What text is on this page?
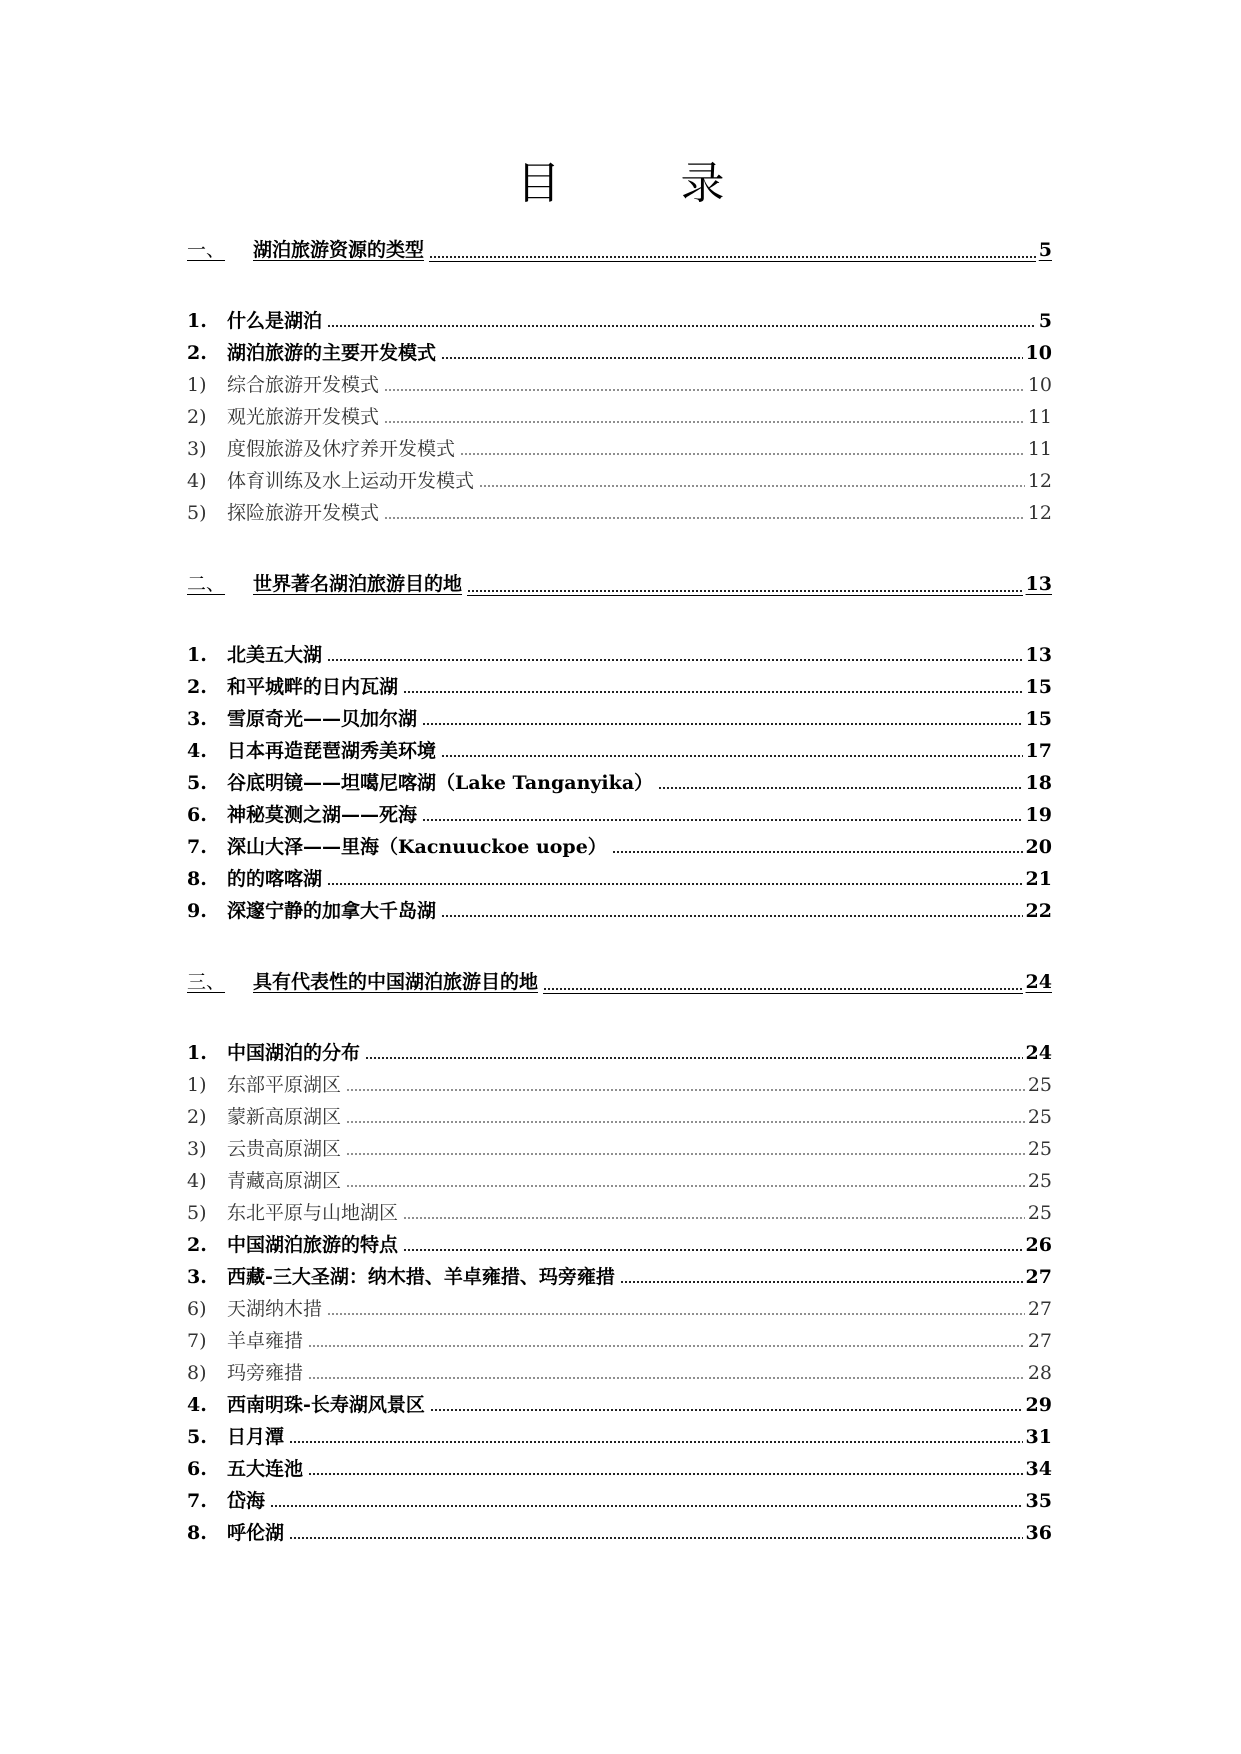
目　录
一、	湖泊旅游资源的类型	5
1.	什么是湖泊	5
2.	湖泊旅游的主要开发模式	10
1)	综合旅游开发模式	10
2)	观光旅游开发模式	11
3)	度假旅游及休疗养开发模式	11
4)	体育训练及水上运动开发模式	12
5)	探险旅游开发模式	12
二、	世界著名湖泊旅游目的地	13
1.	北美五大湖	13
2.	和平城畔的日内瓦湖	15
3.	雪原奇光——贝加尔湖	15
4.	日本再造琵琶湖秀美环境	17
5.	谷底明镜——坦噶尼喀湖（Lake Tanganyika）	18
6.	神秘莫测之湖——死海	19
7.	深山大泽——里海（Kacnuuckoe uope）	20
8.	的的喀喀湖	21
9.	深邃宁静的加拿大千岛湖	22
三、	具有代表性的中国湖泊旅游目的地	24
1.	中国湖泊的分布	24
1)	东部平原湖区	25
2)	蒙新高原湖区	25
3)	云贵高原湖区	25
4)	青藏高原湖区	25
5)	东北平原与山地湖区	25
2.	中国湖泊旅游的特点	26
3.	西藏-三大圣湖：纳木措、羊卓雍措、玛旁雍措	27
6)	天湖纳木措	27
7)	羊卓雍措	27
8)	玛旁雍措	28
4.	西南明珠-长寿湖风景区	29
5.	日月潭	31
6.	五大连池	34
7.	岱海	35
8.	呼伦湖	36
